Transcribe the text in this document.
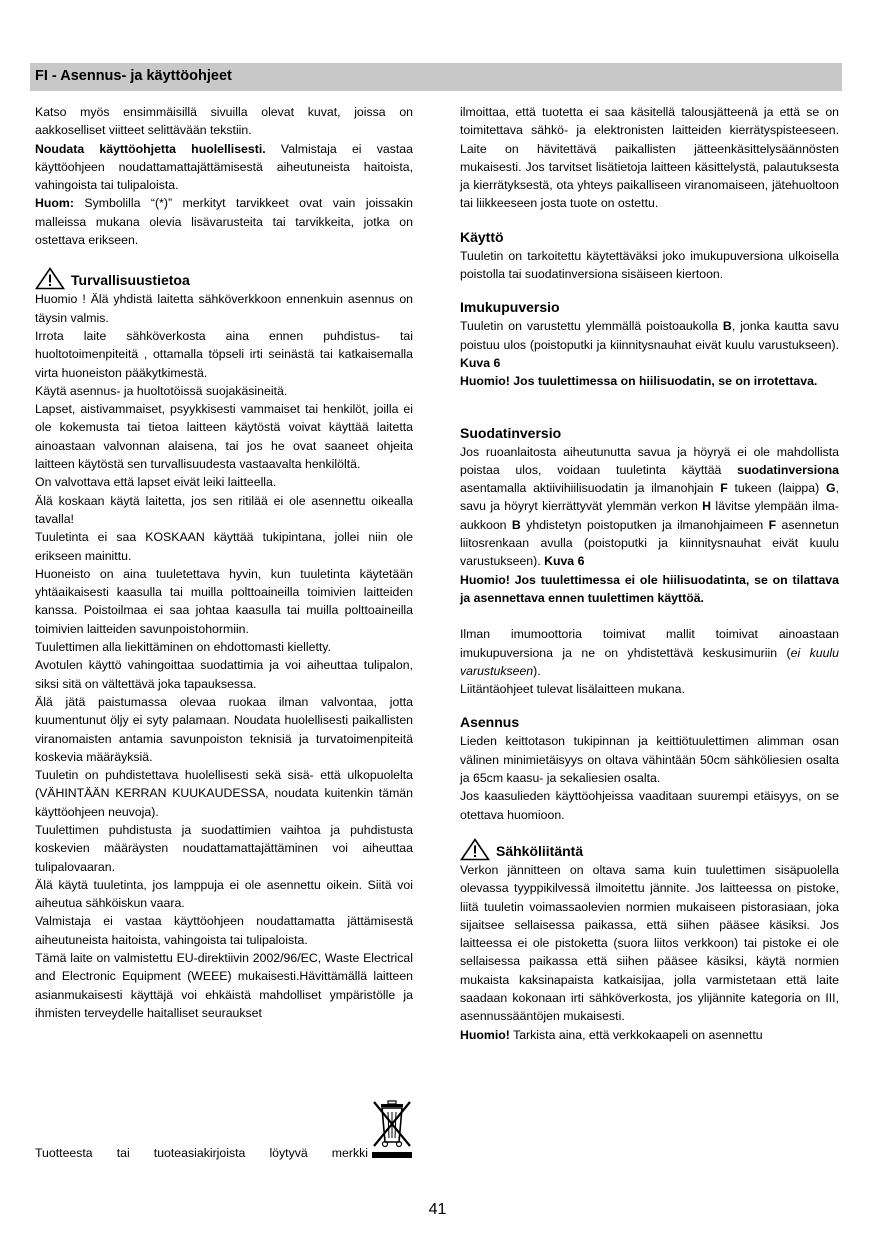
FI - Asennus- ja käyttöohjeet

Katso myös ensimmäisillä sivuilla olevat kuvat, joissa on aakkoselliset viitteet selittävään tekstiin.

Noudata käyttöohjetta huolellisesti. Valmistaja ei vastaa käyttöohjeen noudattamattajättämisestä aiheutuneista haitoista, vahingoista tai tulipaloista.

Huom: Symbolilla “(*)” merkityt tarvikkeet ovat vain joissakin malleissa mukana olevia lisävarusteita tai tarvikkeita, jotka on ostettava erikseen.

Turvallisuustietoa

Huomio ! Älä yhdistä laitetta sähköverkkoon ennenkuin asennus on täysin valmis.

Irrota laite sähköverkosta aina ennen puhdistus- tai huoltotoimenpiteitä , ottamalla töpseli irti seinästä tai katkaisemalla virta huoneiston pääkytkimestä.

Käytä asennus- ja huoltotöissä suojakäsineitä.

Lapset, aistivammaiset, psyykkisesti vammaiset tai henkilöt, joilla ei ole kokemusta tai tietoa laitteen käytöstä voivat käyttää laitetta ainoastaan valvonnan alaisena, tai jos he ovat saaneet ohjeita laitteen käytöstä sen turvallisuudesta vastaavalta henkilöltä.

On valvottava että lapset eivät leiki laitteella.

Älä koskaan käytä laitetta, jos sen ritilää ei ole asennettu oikealla tavalla!

Tuuletinta ei saa KOSKAAN käyttää tukipintana, jollei niin ole erikseen mainittu.

Huoneisto on aina tuuletettava hyvin, kun tuuletinta käytetään yhtäaikaisesti kaasulla tai muilla polttoaineilla toimivien laitteiden kanssa. Poistoilmaa ei saa johtaa kaasulla tai muilla polttoaineilla toimivien laitteiden savunpoistohormiin.

Tuulettimen alla liekittäminen on ehdottomasti kielletty.

Avotulen käyttö vahingoittaa suodattimia ja voi aiheuttaa tulipalon, siksi sitä on vältettävä joka tapauksessa.

Älä jätä paistumassa olevaa ruokaa ilman valvontaa, jotta kuumentunut öljy ei syty palamaan. Noudata huolellisesti paikallisten viranomaisten antamia savunpoiston teknisiä ja turvatoimenpiteitä koskevia määräyksiä.

Tuuletin on puhdistettava huolellisesti sekä sisä- että ulkopuolelta (VÄHINTÄÄN KERRAN KUUKAUDESSA, noudata kuitenkin tämän käyttöohjeen neuvoja).

Tuulettimen puhdistusta ja suodattimien vaihtoa ja puhdistusta koskevien määräysten noudattamattajättäminen voi aiheuttaa tulipalovaaran.

Älä käytä tuuletinta, jos lamppuja ei ole asennettu oikein. Siitä voi aiheutua sähköiskun vaara.

Valmistaja ei vastaa käyttöohjeen noudattamatta jättämisestä aiheutuneista haitoista, vahingoista tai tulipaloista.

Tämä laite on valmistettu EU-direktiivin 2002/96/EC, Waste Electrical and Electronic Equipment (WEEE) mukaisesti.Hävittämällä laitteen asianmukaisesti käyttäjä voi ehkäistä mahdolliset ympäristölle ja ihmisten terveydelle haitalliset seuraukset

Tuotteesta tai tuoteasiakirjoista löytyvä merkki

ilmoittaa, että tuotetta ei saa käsitellä talousjätteenä ja että se on toimitettava sähkö- ja elektronisten laitteiden kierrätyspisteeseen. Laite on hävitettävä paikallisten jätteenkäsittelysäännösten mukaisesti. Jos tarvitset lisätietoja laitteen käsittelystä, palautuksesta ja kierrätyksestä, ota yhteys paikalliseen viranomaiseen, jätehuoltoon tai liikkeeseen josta tuote on ostettu.

Käyttö

Tuuletin on tarkoitettu käytettäväksi joko imukupuversiona ulkoisella poistolla tai suodatinversiona sisäiseen kiertoon.

Imukupuversio

Tuuletin on varustettu ylemmällä poistoaukolla B, jonka kautta savu poistuu ulos (poistoputki ja kiinnitysnauhat eivät kuulu varustukseen). Kuva 6

Huomio! Jos tuulettimessa on hiilisuodatin, se on irrotettava.

Suodatinversio

Jos ruoanlaitosta aiheutunutta savua ja höyryä ei ole mahdollista poistaa ulos, voidaan tuuletinta käyttää suodatinversiona asentamalla aktiivihiilisuodatin ja ilmanohjain F tukeen (laippa) G, savu ja höyryt kierrättyvät ylemmän verkon H lävitse ylempään ilma-aukkoon B yhdistetyn poistoputken ja ilmanohjaimeen F asennetun liitosrenkaan avulla (poistoputki ja kiinnitysnauhat eivät kuulu varustukseen). Kuva 6

Huomio! Jos tuulettimessa ei ole hiilisuodatinta, se on tilattava ja asennettava ennen tuulettimen käyttöä.

Ilman imumoottoria toimivat mallit toimivat ainoastaan imukupuversiona ja ne on yhdistettävä keskusimuriin (ei kuulu varustukseen).

Liitäntäohjeet tulevat lisälaitteen mukana.

Asennus

Lieden keittotason tukipinnan ja keittiötuulettimen alimman osan välinen minimietäisyys on oltava vähintään 50cm sähköliesien osalta ja 65cm kaasu- ja sekaliesien osalta.

Jos kaasulieden käyttöohjeissa vaaditaan suurempi etäisyys, on se otettava huomioon.

Sähköliitäntä

Verkon jännitteen on oltava sama kuin tuulettimen sisäpuolella olevassa tyyppikilvessä ilmoitettu jännite. Jos laitteessa on pistoke, liitä tuuletin voimassaolevien normien mukaiseen pistorasiaan, joka sijaitsee sellaisessa paikassa, että siihen pääsee käsiksi. Jos laitteessa ei ole pistoketta (suora liitos verkkoon) tai pistoke ei ole sellaisessa paikassa että siihen pääsee käsiksi, käytä normien mukaista kaksinapaista katkaisijaa, jolla varmistetaan että laite saadaan kokonaan irti sähköverkosta, jos ylijännite kategoria on III, asennussääntöjen mukaisesti.

Huomio! Tarkista aina, että verkkokaapeli on asennettu

41
